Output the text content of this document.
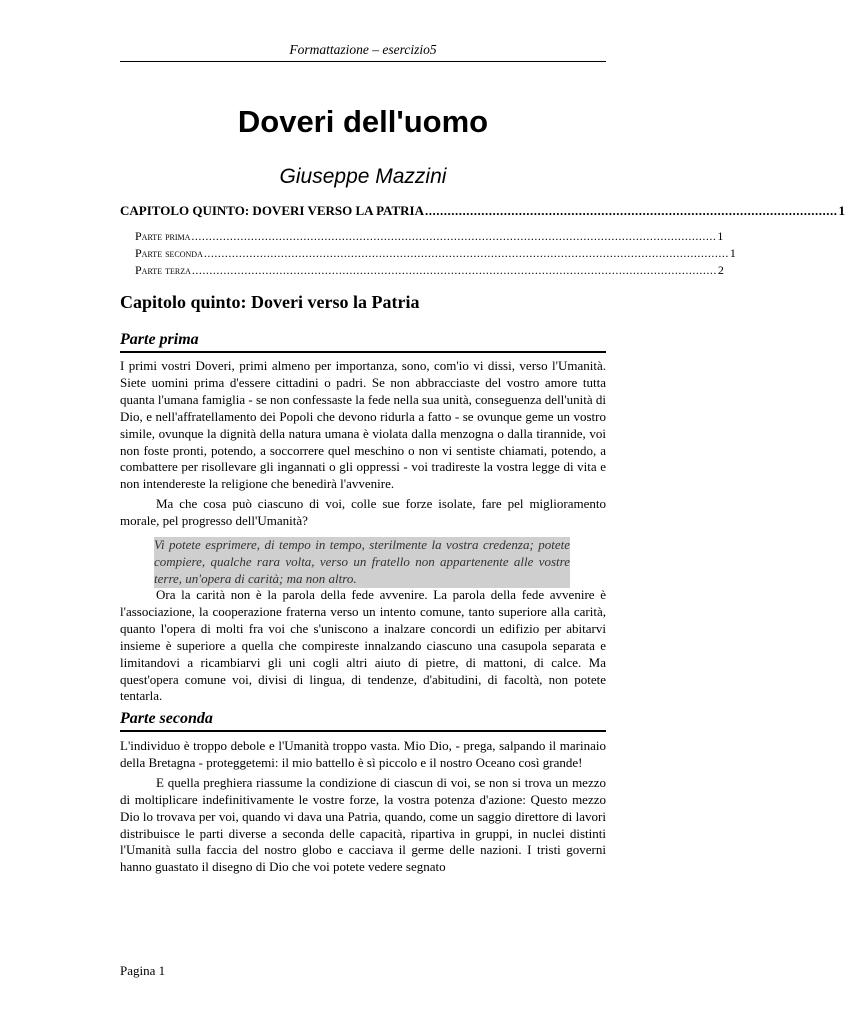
Formattazione – esercizio5
Doveri dell'uomo
Giuseppe Mazzini
CAPITOLO QUINTO: DOVERI VERSO LA PATRIA .............................................................................................................. 1
Parte prima ...................................................................................................................................................... 1
Parte seconda ...................................................................................................................................................... 1
Parte terza ...................................................................................................................................................... 2
Capitolo quinto: Doveri verso la Patria
Parte prima

I primi vostri Doveri, primi almeno per importanza, sono, com'io vi dissi, verso l'Umanità. Siete uomini prima d'essere cittadini o padri. Se non abbracciaste del vostro amore tutta quanta l'umana famiglia - se non confessaste la fede nella sua unità, conseguenza dell'unità di Dio, e nell'affratellamento dei Popoli che devono ridurla a fatto - se ovunque geme un vostro simile, ovunque la dignità della natura umana è violata dalla menzogna o dalla tirannide, voi non foste pronti, potendo, a soccorrere quel meschino o non vi sentiste chiamati, potendo, a combattere per risollevare gli ingannati o gli oppressi - voi tradireste la vostra legge di vita e non intendereste la religione che benedirà l'avvenire.

Ma che cosa può ciascuno di voi, colle sue forze isolate, fare pel miglioramento morale, pel progresso dell'Umanità?

Vi potete esprimere, di tempo in tempo, sterilmente la vostra credenza; potete compiere, qualche rara volta, verso un fratello non appartenente alle vostre terre, un'opera di carità; ma non altro.

Ora la carità non è la parola della fede avvenire. La parola della fede avvenire è l'associazione, la cooperazione fraterna verso un intento comune, tanto superiore alla carità, quanto l'opera di molti fra voi che s'uniscono a inalzare concordi un edifizio per abitarvi insieme è superiore a quella che compireste innalzando ciascuno una casupola separata e limitandovi a ricambiarvi gli uni cogli altri aiuto di pietre, di mattoni, di calce. Ma quest'opera comune voi, divisi di lingua, di tendenze, d'abitudini, di facoltà, non potete tentarla.

Parte seconda

L'individuo è troppo debole e l'Umanità troppo vasta. Mio Dio, - prega, salpando il marinaio della Bretagna - proteggetemi: il mio battello è sì piccolo e il nostro Oceano così grande!

E quella preghiera riassume la condizione di ciascun di voi, se non si trova un mezzo di moltiplicare indefinitivamente le vostre forze, la vostra potenza d'azione: Questo mezzo Dio lo trovava per voi, quando vi dava una Patria, quando, come un saggio direttore di lavori distribuisce le parti diverse a seconda delle capacità, ripartiva in gruppi, in nuclei distinti l'Umanità sulla faccia del nostro globo e cacciava il germe delle nazioni. I tristi governi hanno guastato il disegno di Dio che voi potete vedere segnato

Pagina 1
